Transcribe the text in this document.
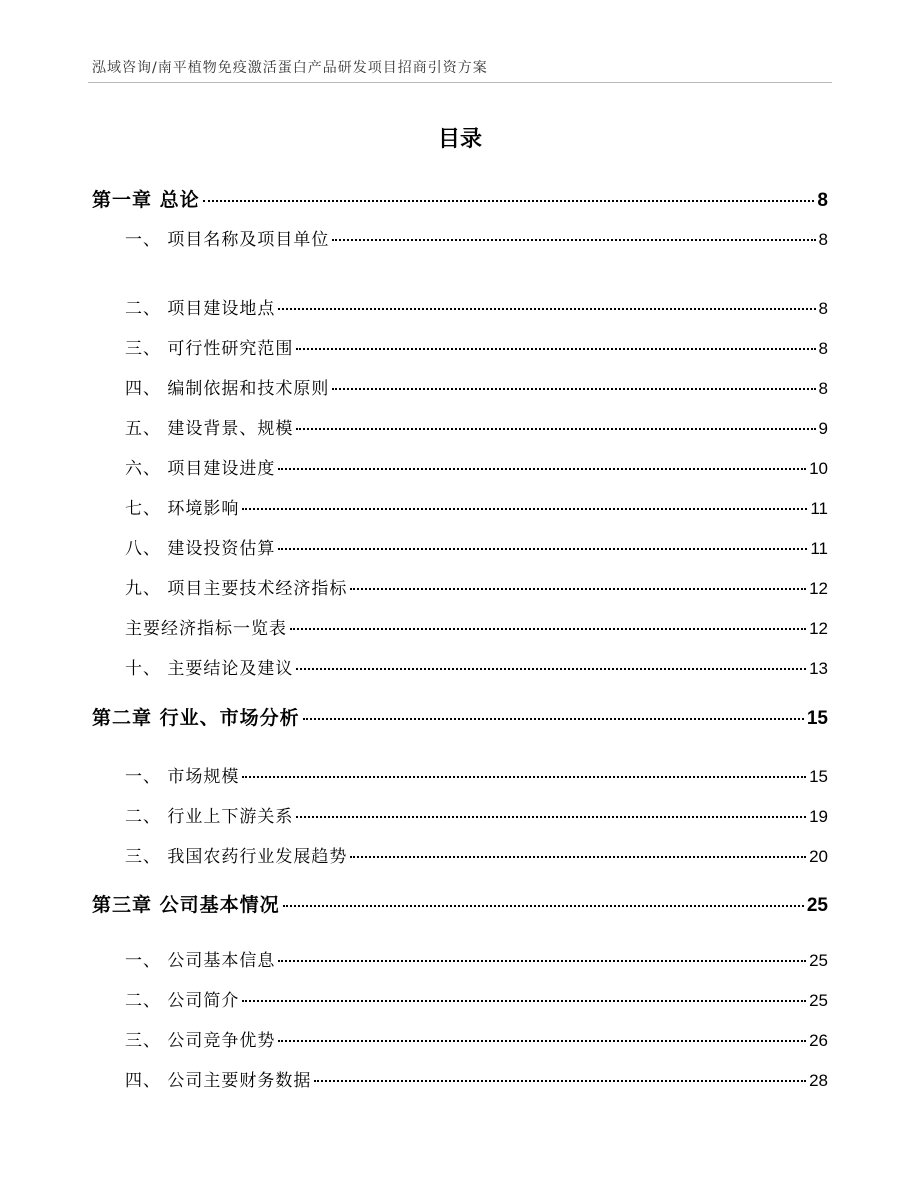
泓域咨询/南平植物免疫激活蛋白产品研发项目招商引资方案
目录
第一章 总论	8
一、 项目名称及项目单位	8
二、 项目建设地点	8
三、 可行性研究范围	8
四、 编制依据和技术原则	8
五、 建设背景、规模	9
六、 项目建设进度	10
七、 环境影响	11
八、 建设投资估算	11
九、 项目主要技术经济指标	12
主要经济指标一览表	12
十、 主要结论及建议	13
第二章 行业、市场分析	15
一、 市场规模	15
二、 行业上下游关系	19
三、 我国农药行业发展趋势	20
第三章 公司基本情况	25
一、 公司基本信息	25
二、 公司简介	25
三、 公司竞争优势	26
四、 公司主要财务数据	28
